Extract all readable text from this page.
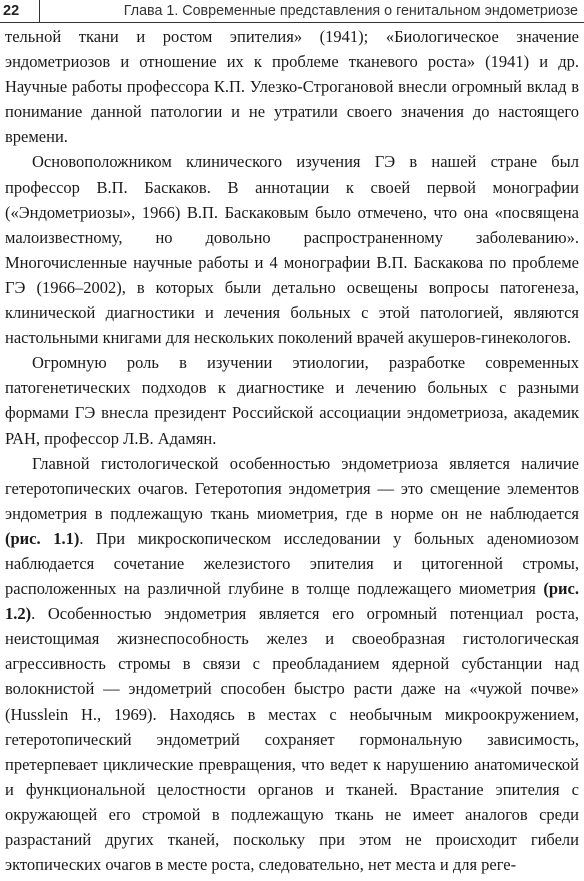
22	Глава 1. Современные представления о генитальном эндометриозе

тельной ткани и ростом эпителия» (1941); «Биологическое значение эндометриозов и отношение их к проблеме тканевого роста» (1941) и др. Научные работы профессора К.П. Улезко-Строгановой внесли огромный вклад в понимание данной патологии и не утратили своего значения до настоящего времени.

Основоположником клинического изучения ГЭ в нашей стране был профессор В.П. Баскаков. В аннотации к своей первой монографии («Эндометриозы», 1966) В.П. Баскаковым было отмечено, что она «посвящена малоизвестному, но довольно распространенному заболеванию». Многочисленные научные работы и 4 монографии В.П. Баскакова по проблеме ГЭ (1966–2002), в которых были детально освещены вопросы патогенеза, клинической диагностики и лечения больных с этой патологией, являются настольными книгами для нескольких поколений врачей акушеров-гинекологов.

Огромную роль в изучении этиологии, разработке современных патогенетических подходов к диагностике и лечению больных с разными формами ГЭ внесла президент Российской ассоциации эндометриоза, академик РАН, профессор Л.В. Адамян.

Главной гистологической особенностью эндометриоза является наличие гетеротопических очагов. Гетеротопия эндометрия — это смещение элементов эндометрия в подлежащую ткань миометрия, где в норме он не наблюдается (рис. 1.1). При микроскопическом исследовании у больных аденомиозом наблюдается сочетание железистого эпителия и цитогенной стромы, расположенных на различной глубине в толще подлежащего миометрия (рис. 1.2). Особенностью эндометрия является его огромный потенциал роста, неистощимая жизнеспособность желез и своеобразная гистологическая агрессивность стромы в связи с преобладанием ядерной субстанции над волокнистой — эндометрий способен быстро расти даже на «чужой почве» (Husslein H., 1969). Находясь в местах с необычным микроокружением, гетеротопический эндометрий сохраняет гормональную зависимость, претерпевает циклические превращения, что ведет к нарушению анатомической и функциональной целостности органов и тканей. Врастание эпителия с окружающей его стромой в подлежащую ткань не имеет аналогов среди разрастаний других тканей, поскольку при этом не происходит гибели эктопических очагов в месте роста, следовательно, нет места и для реге-
